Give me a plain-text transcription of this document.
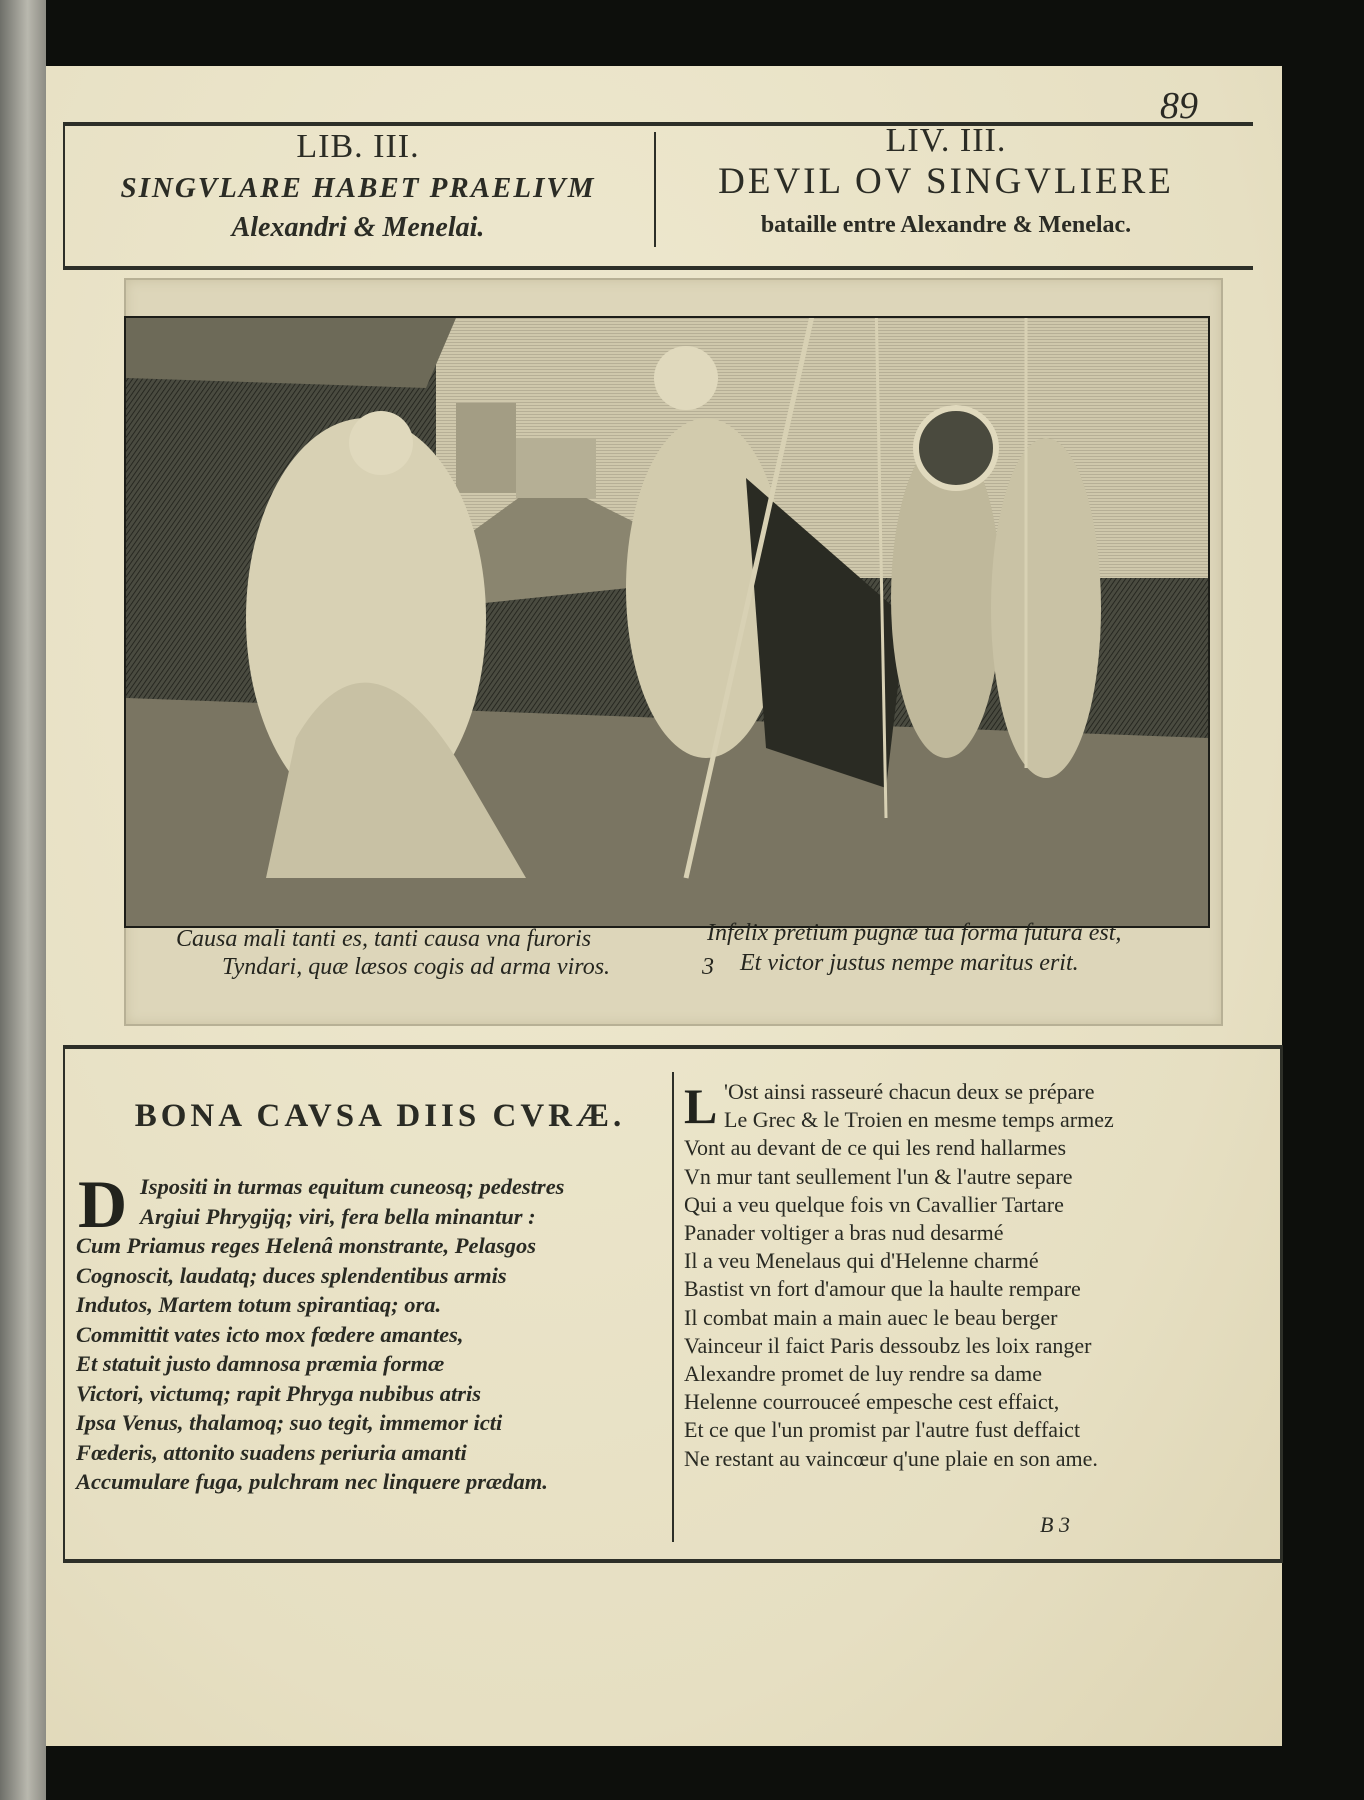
89
LIB. III.
SINGVLARE HABET PRAELIVM
Alexandri & Menelai.
LIV. III.
DEVIL OV SINGVLIERE
bataille entre Alexandre & Menelac.
Causa mali tanti es, tanti causa vna furoris
Tyndari, quæ læsos cogis ad arma viros.	3
Infelix pretium pugnæ tua forma futura est,
Et victor justus nempe maritus erit.
BONA CAVSA DIIS CVRÆ.
D Ispositi in turmas equitum cuneosq; pedestres
Argiui Phrygijq; viri, fera bella minantur :
Cum Priamus reges Helenâ monstrante, Pelasgos
Cognoscit, laudatq; duces splendentibus armis
Indutos, Martem totum spirantiaq; ora.
Committit vates icto mox fœdere amantes,
Et statuit justo damnosa præmia formæ
Victori, victumq; rapit Phryga nubibus atris
Ipsa Venus, thalamoq; suo tegit, immemor icti
Fœderis, attonito suadens periuria amanti
Accumulare fuga, pulchram nec linquere prædam.
L 'Ost ainsi rasseuré chacun deux se prépare
Le Grec & le Troien en mesme temps armez
Vont au devant de ce qui les rend hallarmes
Vn mur tant seullement l'un & l'autre separe
Qui a veu quelque fois vn Cavallier Tartare
Panader voltiger a bras nud desarmé
Il a veu Menelaus qui d'Helenne charmé
Bastist vn fort d'amour que la haulte rempare
Il combat main a main auec le beau berger
Vainceur il faict Paris dessoubz les loix ranger
Alexandre promet de luy rendre sa dame
Helenne courrouceé empesche cest effaict,
Et ce que l'un promist par l'autre fust deffaict
Ne restant au vaincœur q'une plaie en son ame.
B 3
